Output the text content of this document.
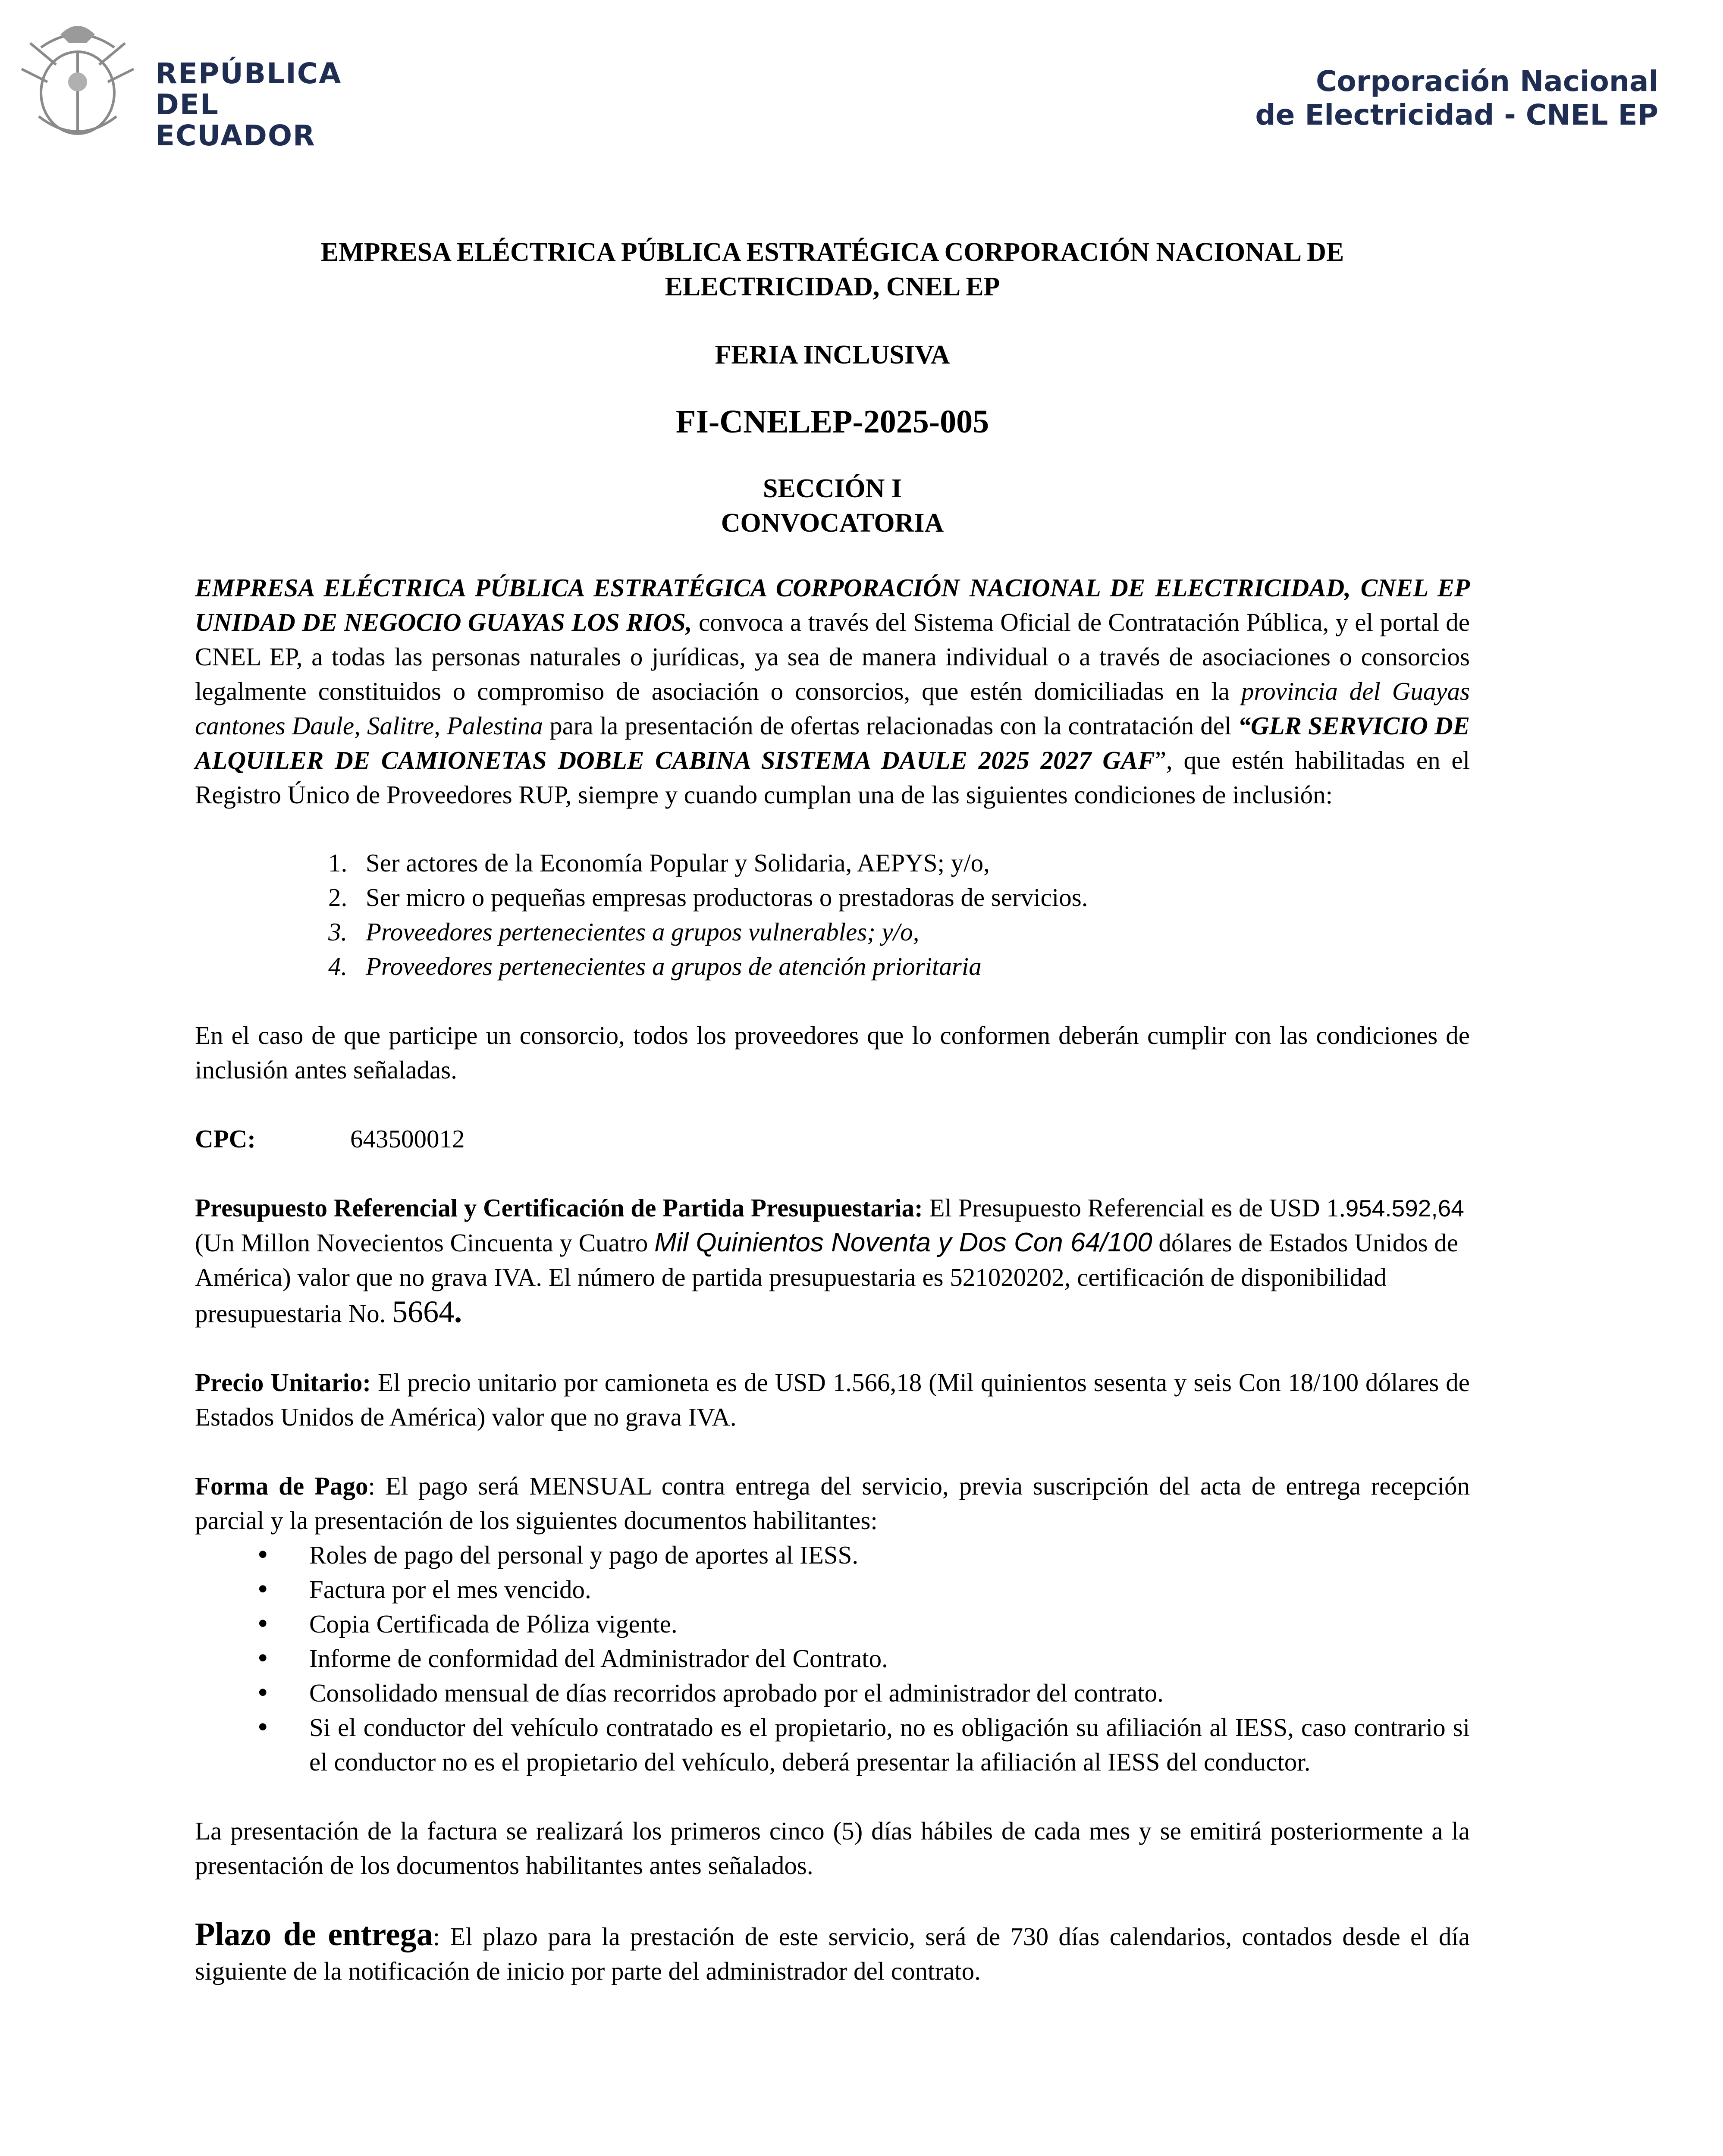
REPÚBLICA
DEL ECUADOR
Corporación Nacional
de Electricidad - CNEL EP
EMPRESA ELÉCTRICA PÚBLICA ESTRATÉGICA CORPORACIÓN NACIONAL DE
ELECTRICIDAD, CNEL EP
FERIA INCLUSIVA
FI-CNELEP-2025-005
SECCIÓN I
CONVOCATORIA

EMPRESA ELÉCTRICA PÚBLICA ESTRATÉGICA CORPORACIÓN NACIONAL DE ELECTRICIDAD, CNEL EP UNIDAD DE NEGOCIO GUAYAS LOS RIOS, convoca a través del Sistema Oficial de Contratación Pública, y el portal de CNEL EP, a todas las personas naturales o jurídicas, ya sea de manera individual o a través de asociaciones o consorcios legalmente constituidos o compromiso de asociación o consorcios, que estén domiciliadas en la provincia del Guayas cantones Daule, Salitre, Palestina para la presentación de ofertas relacionadas con la contratación del “GLR SERVICIO DE ALQUILER DE CAMIONETAS DOBLE CABINA SISTEMA DAULE 2025 2027 GAF”, que estén habilitadas en el Registro Único de Proveedores RUP, siempre y cuando cumplan una de las siguientes condiciones de inclusión:

1. Ser actores de la Economía Popular y Solidaria, AEPYS; y/o,
2. Ser micro o pequeñas empresas productoras o prestadoras de servicios.
3. Proveedores pertenecientes a grupos vulnerables; y/o,
4. Proveedores pertenecientes a grupos de atención prioritaria

En el caso de que participe un consorcio, todos los proveedores que lo conformen deberán cumplir con las condiciones de inclusión antes señaladas.

CPC:	643500012

Presupuesto Referencial y Certificación de Partida Presupuestaria: El Presupuesto Referencial es de USD 1.954.592,64 (Un Millon Novecientos Cincuenta y Cuatro Mil Quinientos Noventa y Dos Con 64/100 dólares de Estados Unidos de América) valor que no grava IVA. El número de partida presupuestaria es 521020202, certificación de disponibilidad presupuestaria No. 5664.

Precio Unitario: El precio unitario por camioneta es de USD 1.566,18 (Mil quinientos sesenta y seis Con 18/100 dólares de Estados Unidos de América) valor que no grava IVA.

Forma de Pago: El pago será MENSUAL contra entrega del servicio, previa suscripción del acta de entrega recepción parcial y la presentación de los siguientes documentos habilitantes:

• Roles de pago del personal y pago de aportes al IESS.
• Factura por el mes vencido.
• Copia Certificada de Póliza vigente.
• Informe de conformidad del Administrador del Contrato.
• Consolidado mensual de días recorridos aprobado por el administrador del contrato.
• Si el conductor del vehículo contratado es el propietario, no es obligación su afiliación al IESS, caso contrario si el conductor no es el propietario del vehículo, deberá presentar la afiliación al IESS del conductor.

La presentación de la factura se realizará los primeros cinco (5) días hábiles de cada mes y se emitirá posteriormente a la presentación de los documentos habilitantes antes señalados.

Plazo de entrega: El plazo para la prestación de este servicio, será de 730 días calendarios, contados desde el día siguiente de la notificación de inicio por parte del administrador del contrato.
